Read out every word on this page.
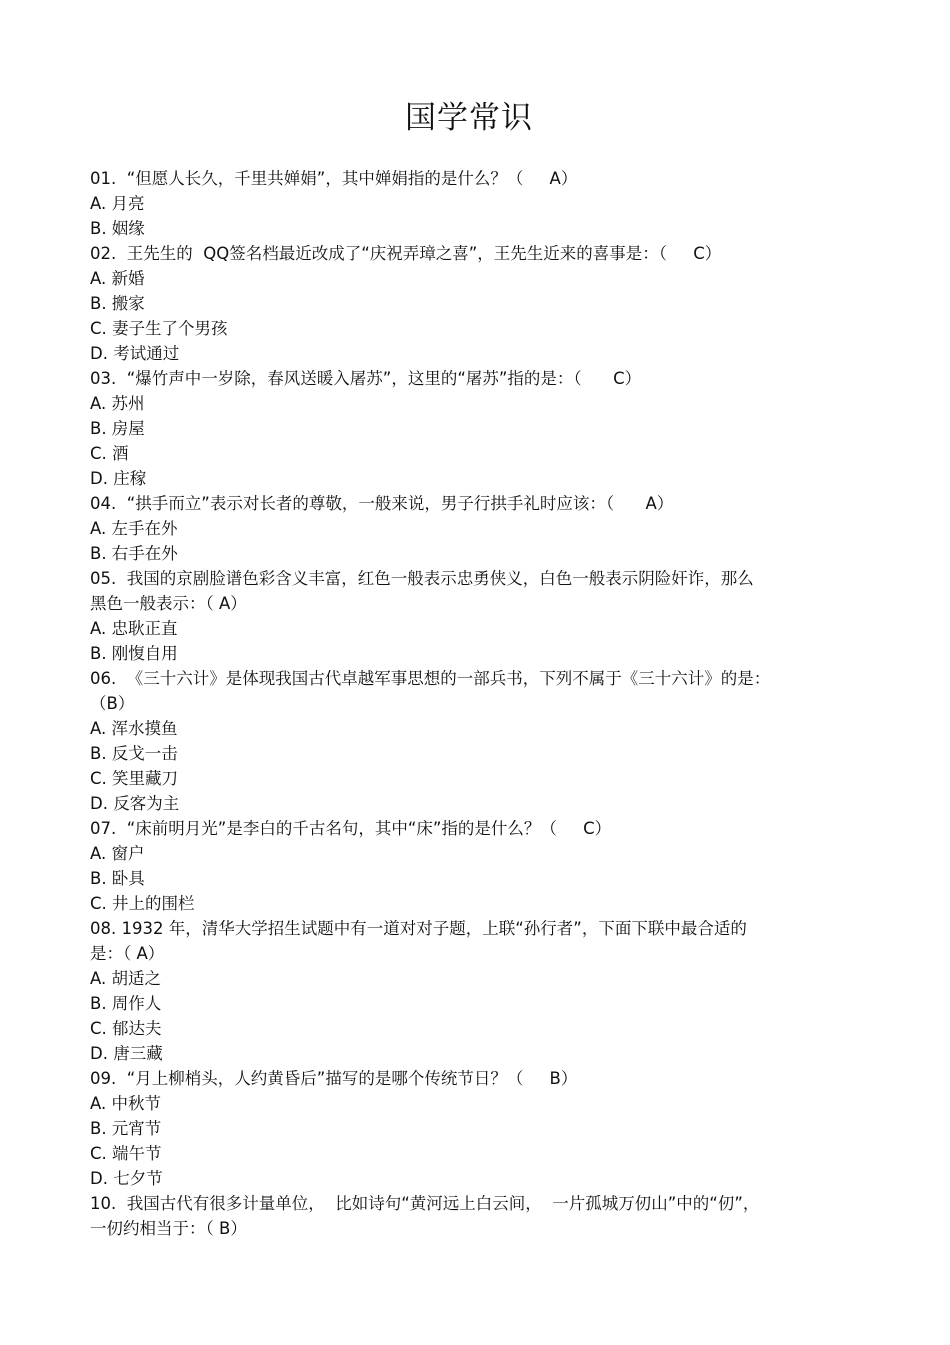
国学常识
01.  “但愿人长久，千里共婵娟”，其中婵娟指的是什么？（     A）
A. 月亮
B. 姻缘
02.  王先生的  QQ签名档最近改成了“庆祝弄璋之喜”，王先生近来的喜事是：（     C）
A. 新婚
B. 搬家
C. 妻子生了个男孩
D. 考试通过
03.  “爆竹声中一岁除，春风送暖入屠苏”，这里的“屠苏”指的是：（      C）
A. 苏州
B. 房屋
C. 酒
D. 庄稼
04.  “拱手而立”表示对长者的尊敬，一般来说，男子行拱手礼时应该：（      A）
A. 左手在外
B. 右手在外
05.  我国的京剧脸谱色彩含义丰富，红色一般表示忠勇侠义，白色一般表示阴险奸诈，那么
黑色一般表示：（ A）
A. 忠耿正直
B. 刚愎自用
06.  《三十六计》是体现我国古代卓越军事思想的一部兵书，下列不属于《三十六计》的是：
（B）
A. 浑水摸鱼
B. 反戈一击
C. 笑里藏刀
D. 反客为主
07.  “床前明月光”是李白的千古名句，其中“床”指的是什么？（     C）
A. 窗户
B. 卧具
C. 井上的围栏
08. 1932 年，清华大学招生试题中有一道对对子题，上联“孙行者”，下面下联中最合适的
是：（ A）
A. 胡适之
B. 周作人
C. 郁达夫
D. 唐三藏
09.  “月上柳梢头，人约黄昏后”描写的是哪个传统节日？（     B）
A. 中秋节
B. 元宵节
C. 端午节
D. 七夕节
10.  我国古代有很多计量单位，  比如诗句“黄河远上白云间，  一片孤城万仞山”中的“仞”，
一仞约相当于：（ B）
